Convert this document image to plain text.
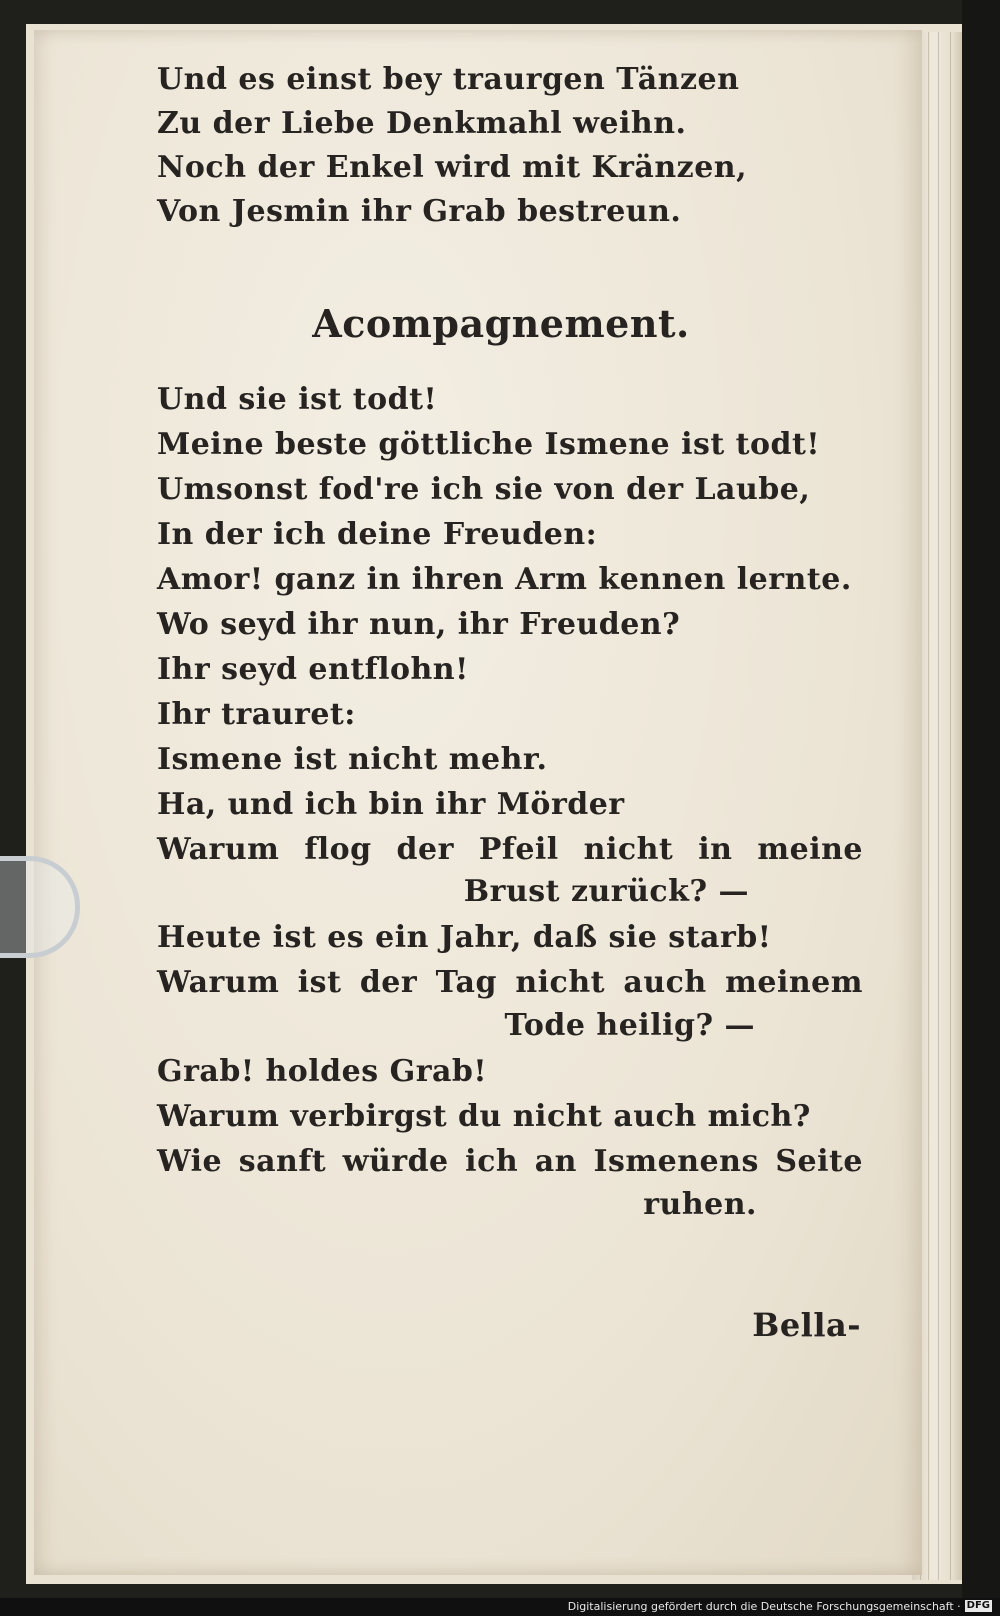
Und es einst bey traurgen Tänzen
Zu der Liebe Denkmahl weihn.
Noch der Enkel wird mit Kränzen,
Von Jesmin ihr Grab bestreun.
Acompagnement.
Und sie ist todt!
Meine beste göttliche Ismene ist todt!
Umsonst fod're ich sie von der Laube,
In der ich deine Freuden:
Amor! ganz in ihren Arm kennen lernte.
Wo seyd ihr nun, ihr Freuden?
Ihr seyd entflohn!
Ihr trauret:
Ismene ist nicht mehr.
Ha, und ich bin ihr Mörder
Warum flog der Pfeil nicht in meine
Brust zurück? —
Heute ist es ein Jahr, daß sie starb!
Warum ist der Tag nicht auch meinem
Tode heilig? —
Grab! holdes Grab!
Warum verbirgst du nicht auch mich?
Wie sanft würde ich an Ismenens Seite
ruhen.
Bella-
Digitalisierung gefördert durch die Deutsche Forschungsgemeinschaft · DFG
